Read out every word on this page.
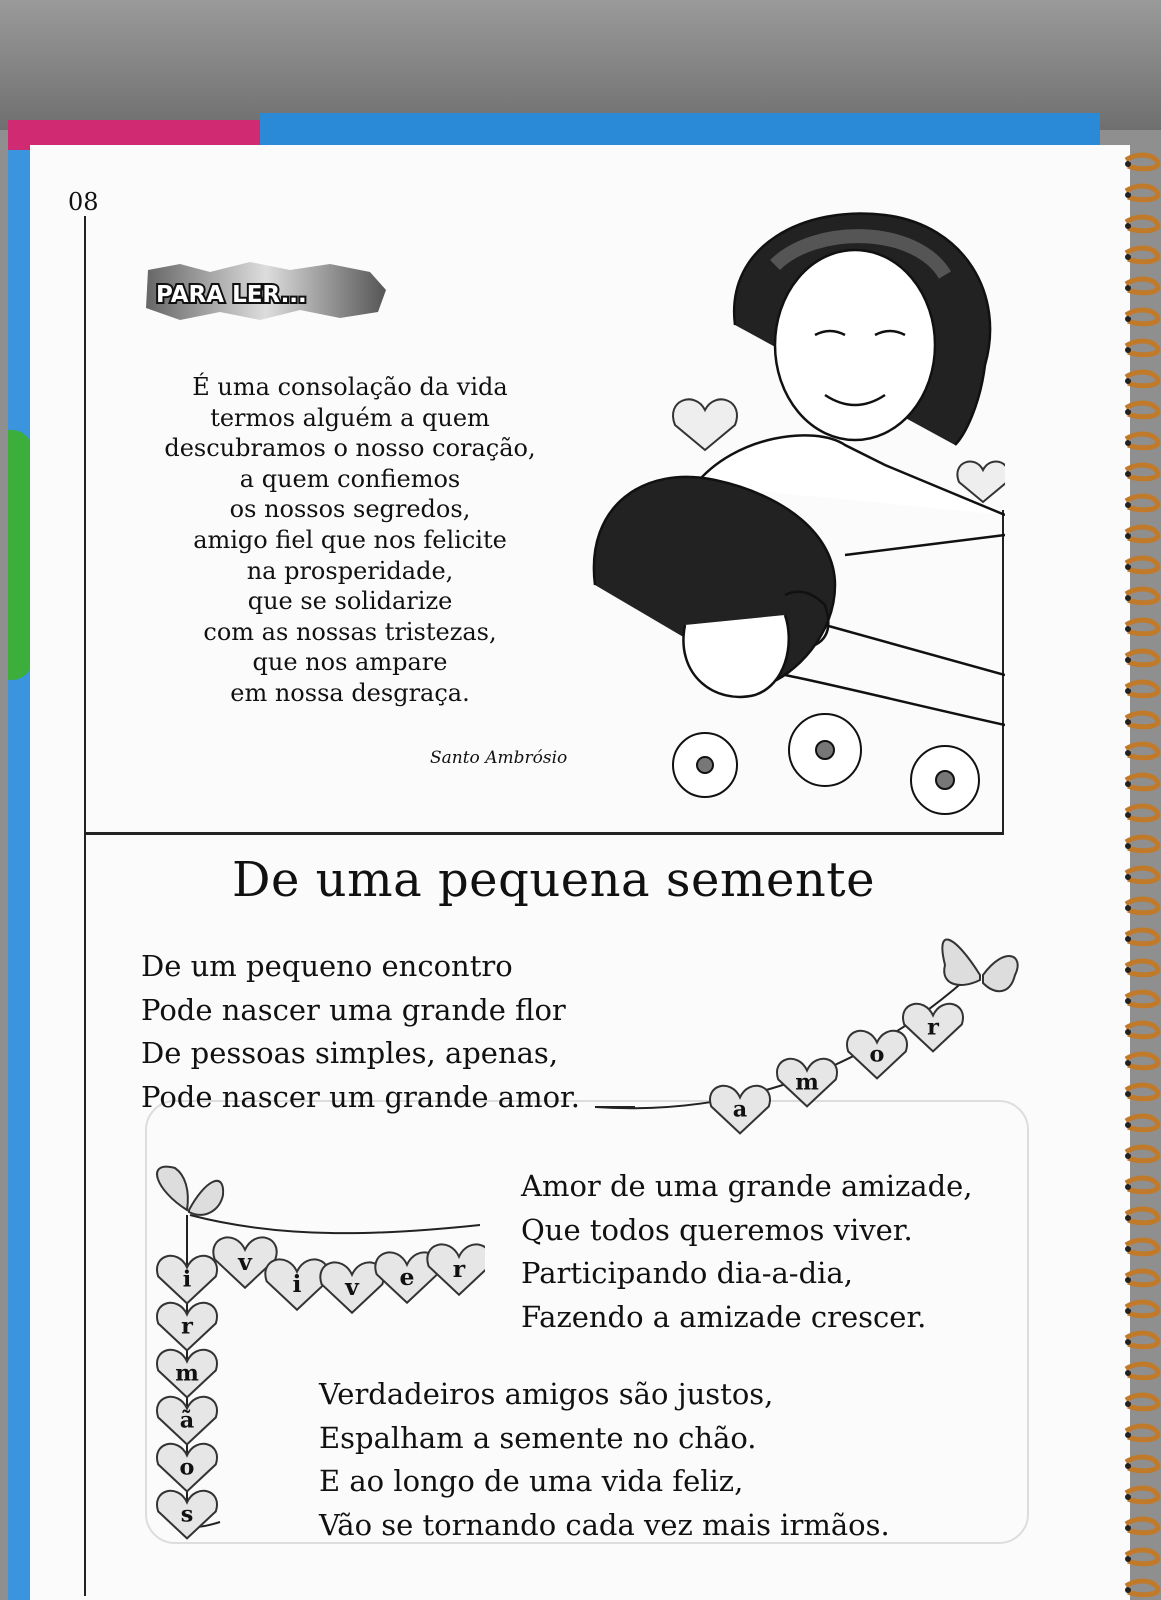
08
PARA LER...
É uma consolação da vida
termos alguém a quem
descubramos o nosso coração,
a quem confiemos
os nossos segredos,
amigo fiel que nos felicite
na prosperidade,
que se solidarize
com as nossas tristezas,
que nos ampare
em nossa desgraça.
Santo Ambrósio
De uma pequena semente
De um pequeno encontro
Pode nascer uma grande flor
De pessoas simples, apenas,
Pode nascer um grande amor.
Amor de uma grande amizade,
Que todos queremos viver.
Participando dia-a-dia,
Fazendo a amizade crescer.
Verdadeiros amigos são justos,
Espalham a semente no chão.
E ao longo de uma vida feliz,
Vão se tornando cada vez mais irmãos.
a
m
o
r
v
i v e r
i
r
m
ã
o
s
